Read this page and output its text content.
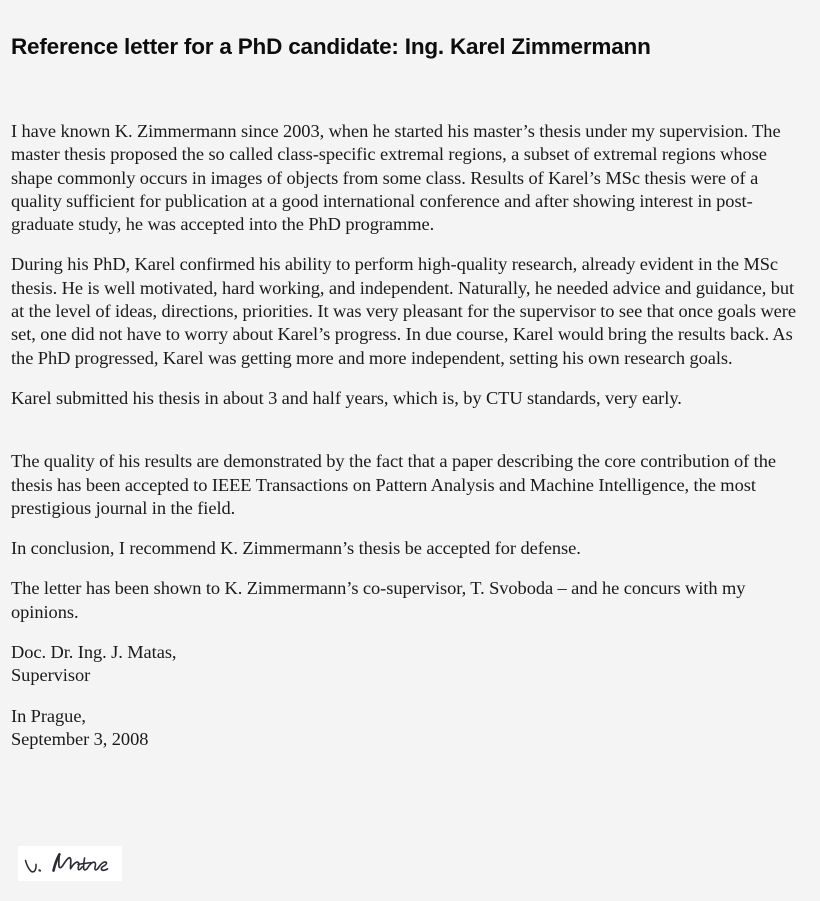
Reference letter for a PhD candidate: Ing. Karel Zimmermann

I have known K. Zimmermann since 2003, when he started his master’s thesis under my supervision. The master thesis proposed the so called class-specific extremal regions, a subset of extremal regions whose shape commonly occurs in images of objects from some class. Results of Karel’s MSc thesis were of a quality sufficient for publication at a good international conference and after showing interest in post-graduate study, he was accepted into the PhD programme.

During his PhD, Karel confirmed his ability to perform high-quality research, already evident in the MSc thesis. He is well motivated, hard working, and independent. Naturally, he needed advice and guidance, but at the level of ideas, directions, priorities. It was very pleasant for the supervisor to see that once goals were set, one did not have to worry about Karel’s progress. In due course, Karel would bring the results back. As the PhD progressed, Karel was getting more and more independent, setting his own research goals.

Karel submitted his thesis in about 3 and half years, which is, by CTU standards, very early.

The quality of his results are demonstrated by the fact that a paper describing the core contribution of the thesis has been accepted to IEEE Transactions on Pattern Analysis and Machine Intelligence, the most prestigious journal in the field.

In conclusion, I recommend K. Zimmermann’s thesis be accepted for defense.

The letter has been shown to K. Zimmermann’s co-supervisor, T. Svoboda – and he concurs with my opinions.

Doc. Dr. Ing. J. Matas,
Supervisor

In Prague,
September 3, 2008
